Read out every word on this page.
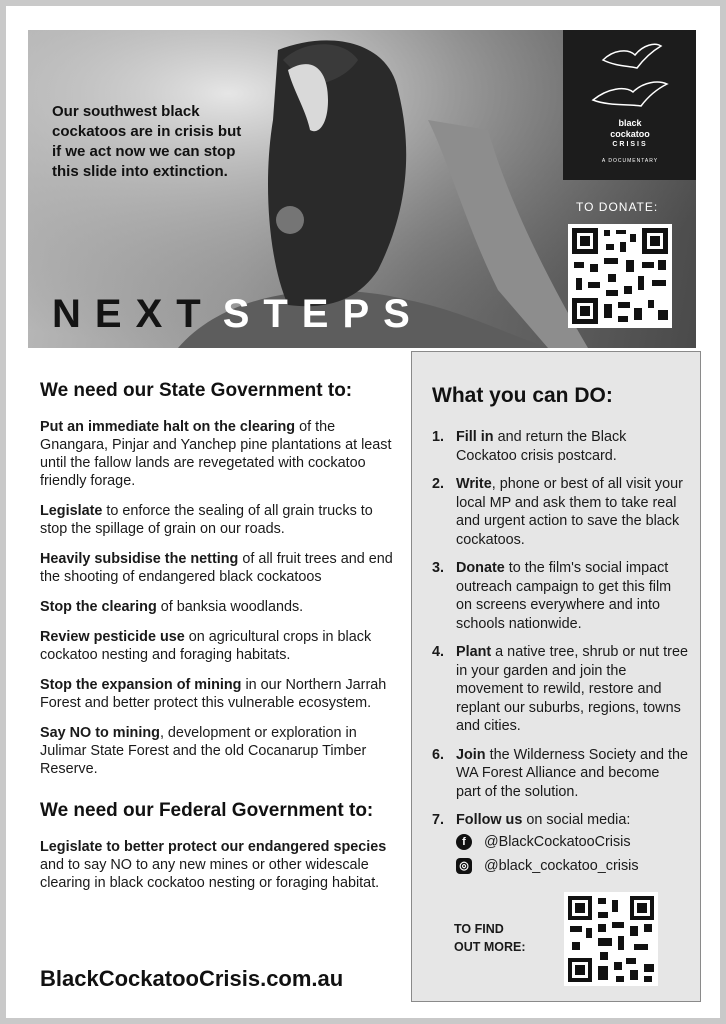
Our southwest black cockatoos are in crisis but if we act now we can stop this slide into extinction.
NEXT STEPS
black
cockatoo
CRISIS
A DOCUMENTARY
TO DONATE:
We need our State Government to:
Put an immediate halt on the clearing of the Gnangara, Pinjar and Yanchep pine plantations at least until the fallow lands are revegetated with cockatoo friendly forage.
Legislate to enforce the sealing of all grain trucks to stop the spillage of grain on our roads.
Heavily subsidise the netting of all fruit trees and end the shooting of endangered black cockatoos
Stop the clearing of banksia woodlands.
Review pesticide use on agricultural crops in black cockatoo nesting and foraging habitats.
Stop the expansion of mining in our Northern Jarrah Forest and better protect this vulnerable ecosystem.
Say NO to mining, development or exploration in Julimar State Forest and the old Cocanarup Timber Reserve.
We need our Federal Government to:
Legislate to better protect our endangered species and to say NO to any new mines or other widescale clearing in black cockatoo nesting or foraging habitat.
BlackCockatooCrisis.com.au
What you can DO:
1. Fill in and return the Black Cockatoo crisis postcard.
2. Write, phone or best of all visit your local MP and ask them to take real and urgent action to save the black cockatoos.
3. Donate to the film's social impact outreach campaign to get this film on screens everywhere and into schools nationwide.
4. Plant a native tree, shrub or nut tree in your garden and join the movement to rewild, restore and replant our suburbs, regions, towns and cities.
6. Join the Wilderness Society and the WA Forest Alliance and become part of the solution.
7. Follow us on social media:
f	@BlackCockatooCrisis
◎ @black_cockatoo_crisis
TO FIND
OUT MORE:
